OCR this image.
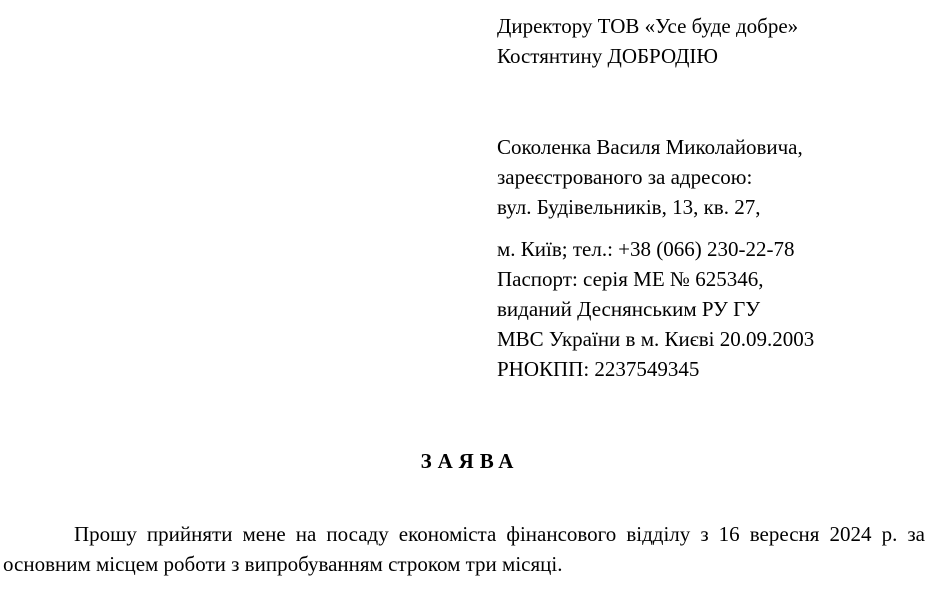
Директору ТОВ «Усе буде добре»
Костянтину ДОБРОДІЮ
Соколенка Василя Миколайовича,
зареєстрованого за адресою:
вул. Будівельників, 13, кв. 27,
м. Київ; тел.: +38 (066) 230-22-78
Паспорт: серія МЕ № 625346,
виданий Деснянським РУ ГУ
МВС України в м. Києві 20.09.2003
РНОКПП: 2237549345
ЗАЯВА
Прошу прийняти мене на посаду економіста фінансового відділу з 16 вересня 2024 р. за основним місцем роботи з випробуванням строком три місяці.
